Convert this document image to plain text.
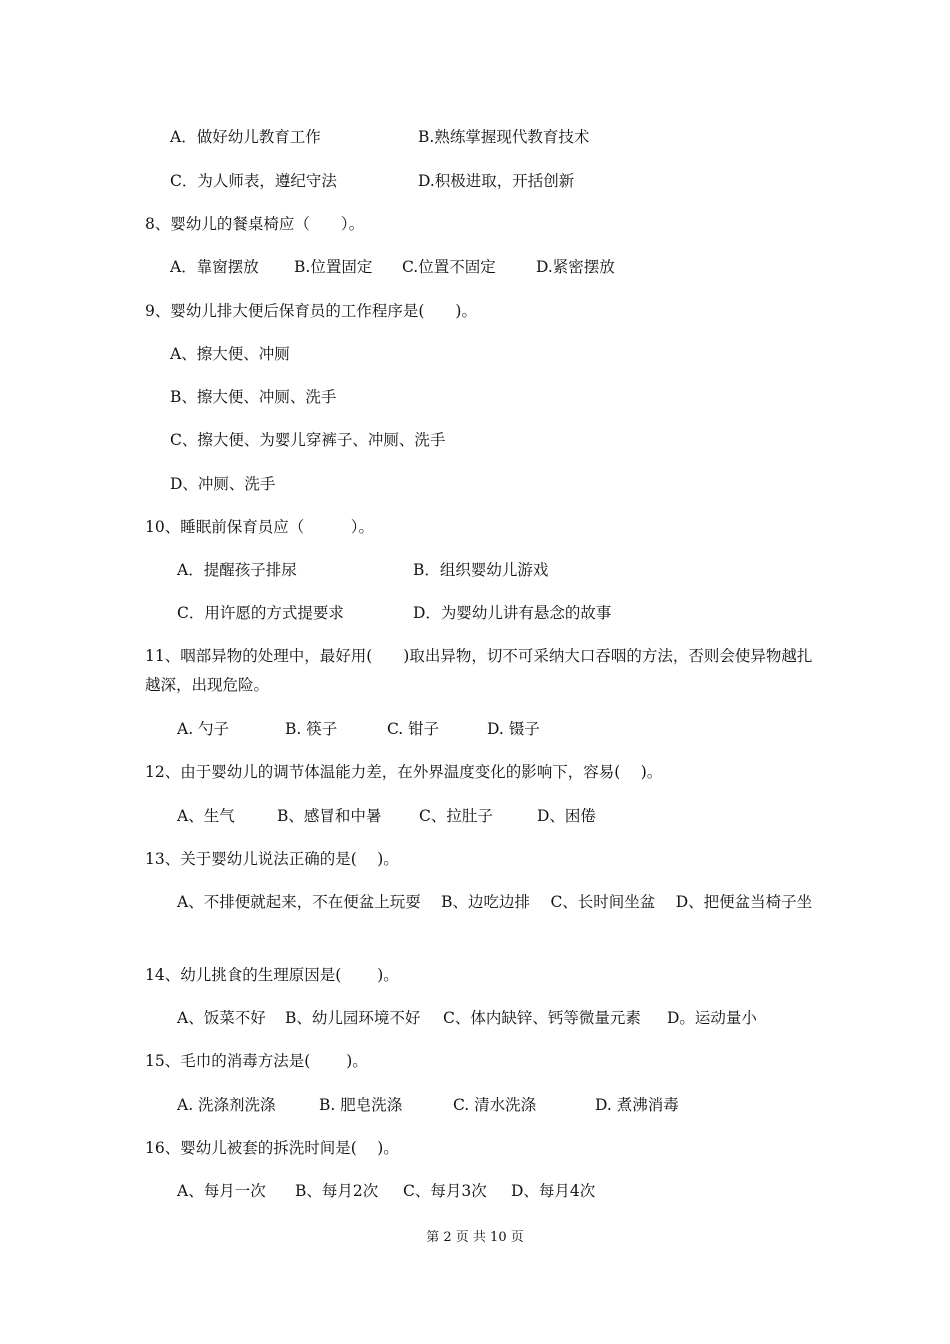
A．做好幼儿教育工作	B.熟练掌握现代教育技术
C．为人师表，遵纪守法	D.积极进取，开括创新
8、婴幼儿的餐桌椅应（　　）。
A．靠窗摆放 B.位置固定 C.位置不固定	D.紧密摆放
9、婴幼儿排大便后保育员的工作程序是(　　)。
A、擦大便、冲厕
B、擦大便、冲厕、洗手
C、擦大便、为婴儿穿裤子、冲厕、洗手
D、冲厕、洗手
10、睡眠前保育员应（　　　）。
A．提醒孩子排尿	B．组织婴幼儿游戏
C．用许愿的方式提要求	D．为婴幼儿讲有悬念的故事
11、咽部异物的处理中，最好用(　　)取出异物，切不可采纳大口吞咽的方法，否则会使异物越扎越深，出现危险。
A. 勺子	B. 筷子	C. 钳子	D. 镊子
12、由于婴幼儿的调节体温能力差，在外界温度变化的影响下，容易(　 )。
A、生气	B、感冒和中暑 C、拉肚子	D、困倦
13、关于婴幼儿说法正确的是(　 )。
A、不排便就起来，不在便盆上玩耍　 B、边吃边排　 C、长时间坐盆　 D、把便盆当椅子坐
14、幼儿挑食的生理原因是(　　 )。
A、饭菜不好 B、幼儿园环境不好 C、体内缺锌、钙等微量元素 D。运动量小
15、毛巾的消毒方法是(　　 )。
A. 洗涤剂洗涤	B. 肥皂洗涤	C. 清水洗涤	D. 煮沸消毒
16、婴幼儿被套的拆洗时间是(　 )。
A、每月一次 B、每月2次 C、每月3次 D、每月4次
第 2 页 共 10 页
